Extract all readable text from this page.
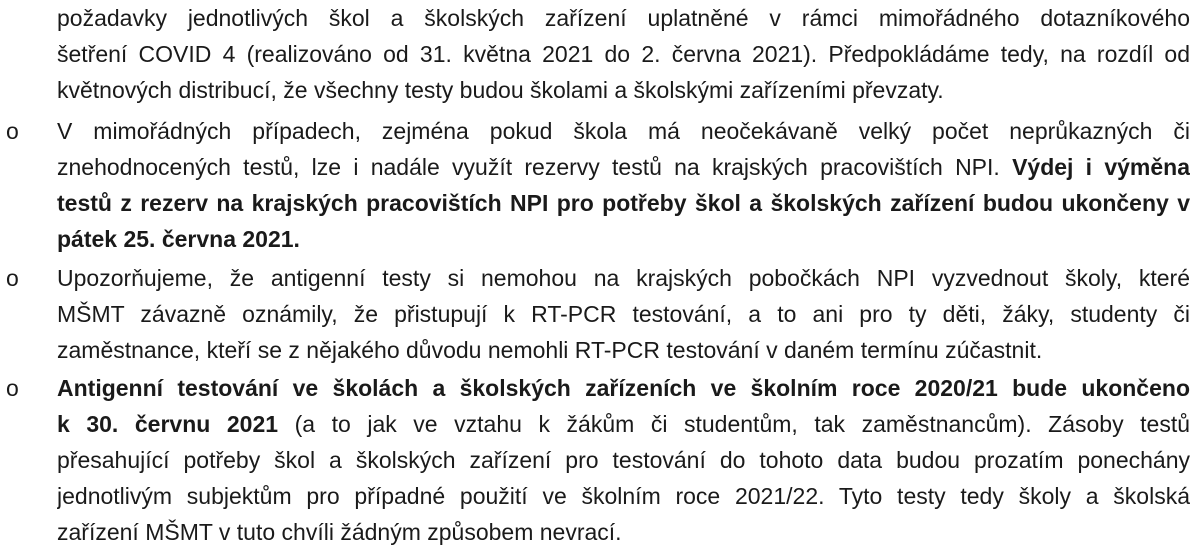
požadavky jednotlivých škol a školských zařízení uplatněné v rámci mimořádného dotazníkového
šetření COVID 4 (realizováno od 31. května 2021 do 2. června 2021). Předpokládáme tedy, na rozdíl od
květnových distribucí, že všechny testy budou školami a školskými zařízeními převzaty.
o	V mimořádných případech, zejména pokud škola má neočekávaně velký počet neprůkazných či
znehodnocených testů, lze i nadále využít rezervy testů na krajských pracovištích NPI. Výdej i výměna
testů z rezerv na krajských pracovištích NPI pro potřeby škol a školských zařízení budou ukončeny v
pátek 25. června 2021.
o	Upozorňujeme, že antigenní testy si nemohou na krajských pobočkách NPI vyzvednout školy, které
MŠMT závazně oznámily, že přistupují k RT-PCR testování, a to ani pro ty děti, žáky, studenty či
zaměstnance, kteří se z nějakého důvodu nemohli RT-PCR testování v daném termínu zúčastnit.
o	Antigenní testování ve školách a školských zařízeních ve školním roce 2020/21 bude ukončeno
k 30. červnu 2021 (a to jak ve vztahu k žákům či studentům, tak zaměstnancům). Zásoby testů
přesahující potřeby škol a školských zařízení pro testování do tohoto data budou prozatím ponechány
jednotlivým subjektům pro případné použití ve školním roce 2021/22. Tyto testy tedy školy a školská
zařízení MŠMT v tuto chvíli žádným způsobem nevrací.
